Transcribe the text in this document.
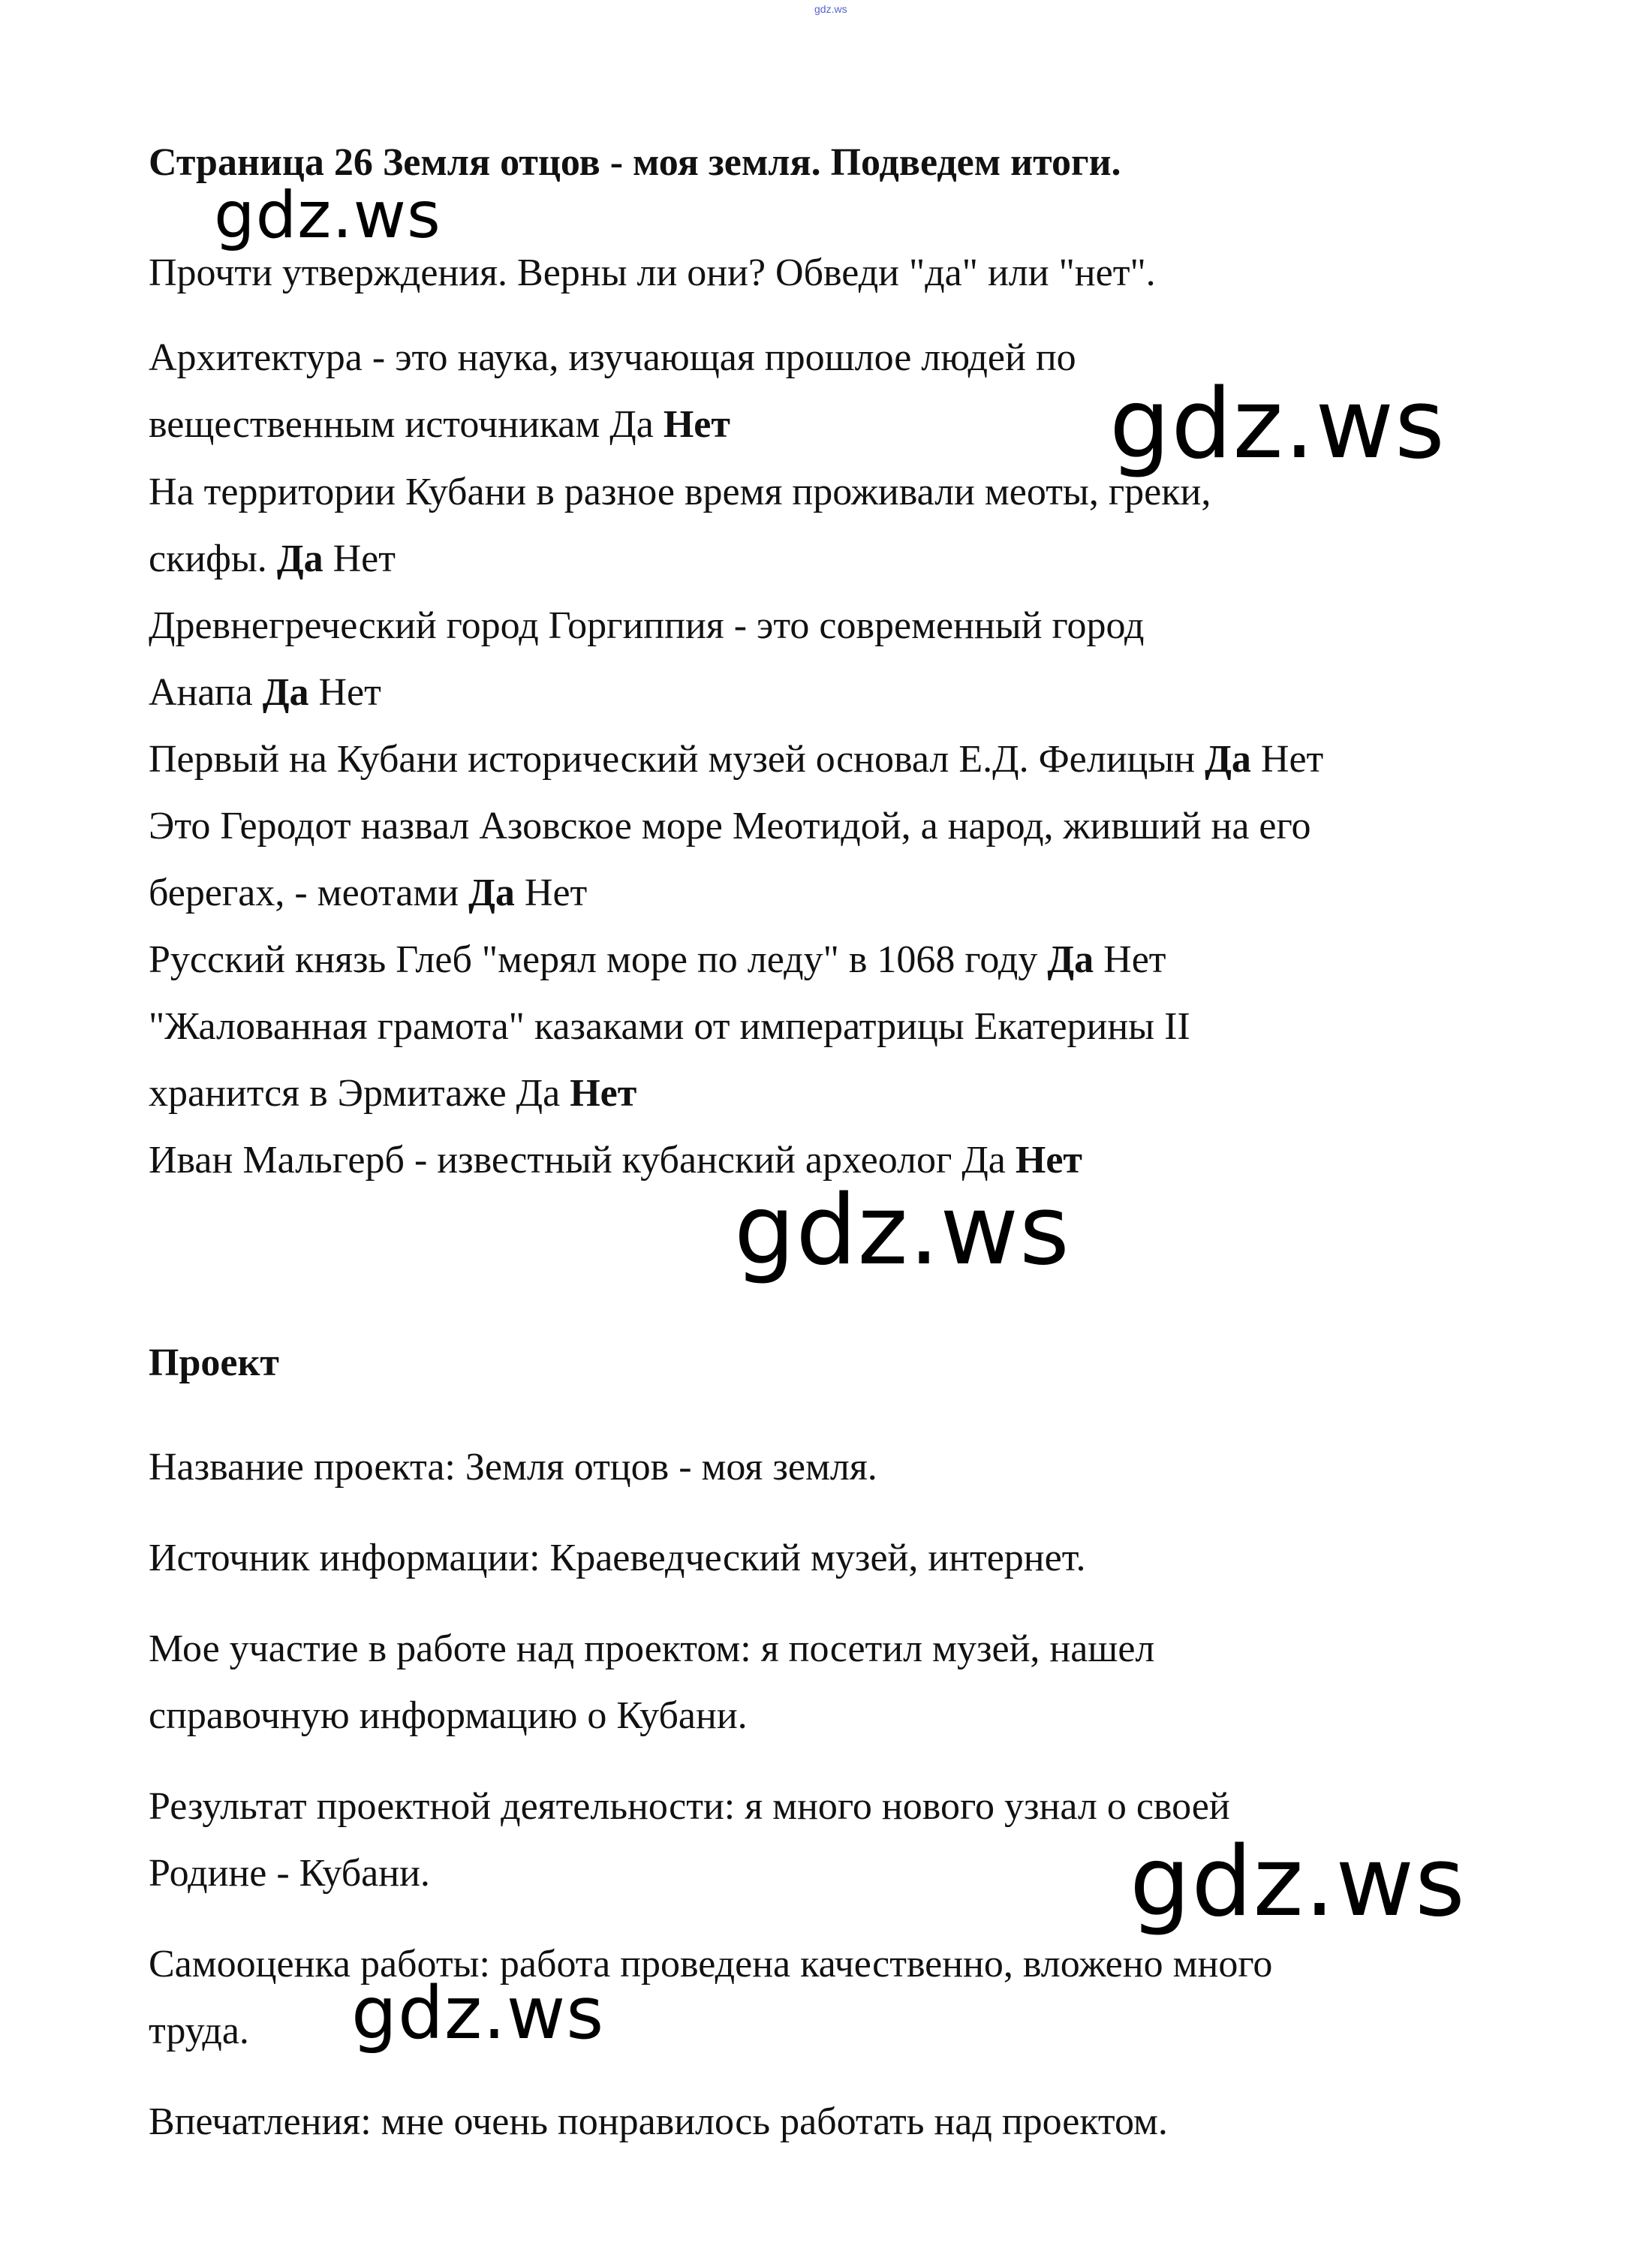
gdz.ws
Страница 26 Земля отцов - моя земля. Подведем итоги.
Прочти утверждения. Верны ли они? Обведи "да" или "нет".
Архитектура - это наука, изучающая прошлое людей по
вещественным источникам Да Нет
На территории Кубани в разное время проживали меоты, греки,
скифы. Да Нет
Древнегреческий город Горгиппия - это современный город
Анапа Да Нет
Первый на Кубани исторический музей основал Е.Д. Фелицын Да Нет
Это Геродот назвал Азовское море Меотидой, а народ, живший на его
берегах, - меотами Да Нет
Русский князь Глеб "мерял море по леду" в 1068 году Да Нет
"Жалованная грамота" казаками от императрицы Екатерины II
хранится в Эрмитаже Да Нет
Иван Мальгерб - известный кубанский археолог Да Нет
Проект
Название проекта: Земля отцов - моя земля.
Источник информации: Краеведческий музей, интернет.
Мое участие в работе над проектом: я посетил музей, нашел
справочную информацию о Кубани.
Результат проектной деятельности: я много нового узнал о своей
Родине - Кубани.
Самооценка работы: работа проведена качественно, вложено много
труда.
Впечатления: мне очень понравилось работать над проектом.
gdz.ws
gdz.ws
gdz.ws
gdz.ws
gdz.ws
